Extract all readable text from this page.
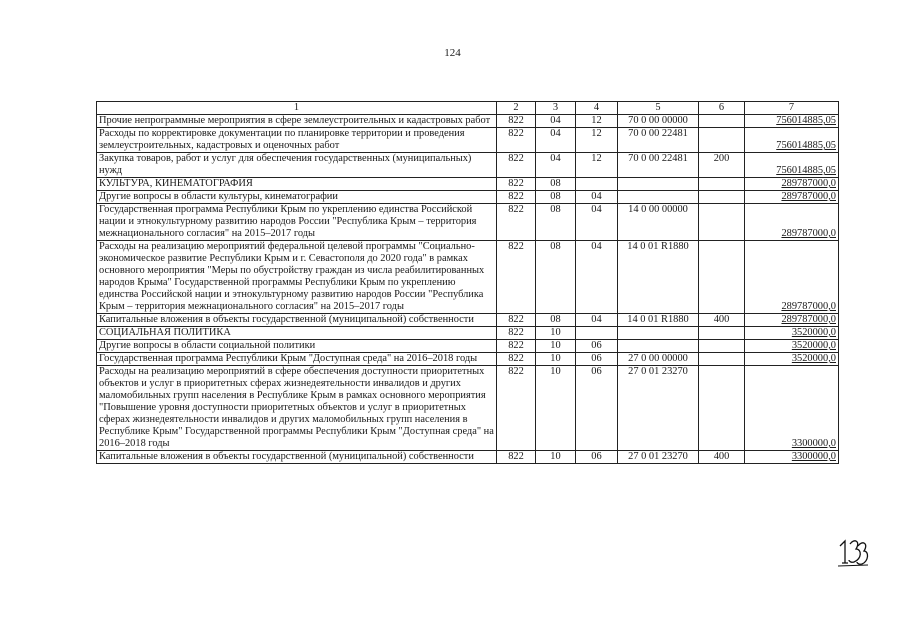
124
1	2	3	4	5	6	7
Прочие непрограммные мероприятия в сфере землеустроительных и кадастровых работ	822	04	12	70 0 00 00000		756014885,05
Расходы по корректировке документации по планировке территории и проведения землеустроительных, кадастровых и оценочных работ	822	04	12	70 0 00 22481		756014885,05
Закупка товаров, работ и услуг для обеспечения государственных (муниципальных) нужд	822	04	12	70 0 00 22481	200	756014885,05
КУЛЬТУРА, КИНЕМАТОГРАФИЯ	822	08				289787000,0
Другие вопросы в области культуры, кинематографии	822	08	04			289787000,0
Государственная программа Республики Крым по укреплению единства Российской нации и этнокультурному развитию народов России "Республика Крым – территория межнационального согласия" на 2015–2017 годы	822	08	04	14 0 00 00000		289787000,0
Расходы на реализацию мероприятий федеральной целевой программы "Социально-экономическое развитие Республики Крым и г. Севастополя до 2020 года" в рамках основного мероприятия "Меры по обустройству граждан из числа реабилитированных народов Крыма" Государственной программы Республики Крым по укреплению единства Российской нации и этнокультурному развитию народов России "Республика Крым – территория межнационального согласия" на 2015–2017 годы	822	08	04	14 0 01 R1880		289787000,0
Капитальные вложения в объекты государственной (муниципальной) собственности	822	08	04	14 0 01 R1880	400	289787000,0
СОЦИАЛЬНАЯ ПОЛИТИКА	822	10				3520000,0
Другие вопросы в области социальной политики	822	10	06			3520000,0
Государственная программа Республики Крым "Доступная среда" на 2016–2018 годы	822	10	06	27 0 00 00000		3520000,0
Расходы на реализацию мероприятий в сфере обеспечения доступности приоритетных объектов и услуг в приоритетных сферах жизнедеятельности инвалидов и других маломобильных групп населения в Республике Крым в рамках основного мероприятия "Повышение уровня доступности приоритетных объектов и услуг в приоритетных сферах жизнедеятельности инвалидов и других маломобильных групп населения в Республике Крым" Государственной программы Республики Крым "Доступная среда" на 2016–2018 годы	822	10	06	27 0 01 23270		3300000,0
Капитальные вложения в объекты государственной (муниципальной) собственности	822	10	06	27 0 01 23270	400	3300000,0
